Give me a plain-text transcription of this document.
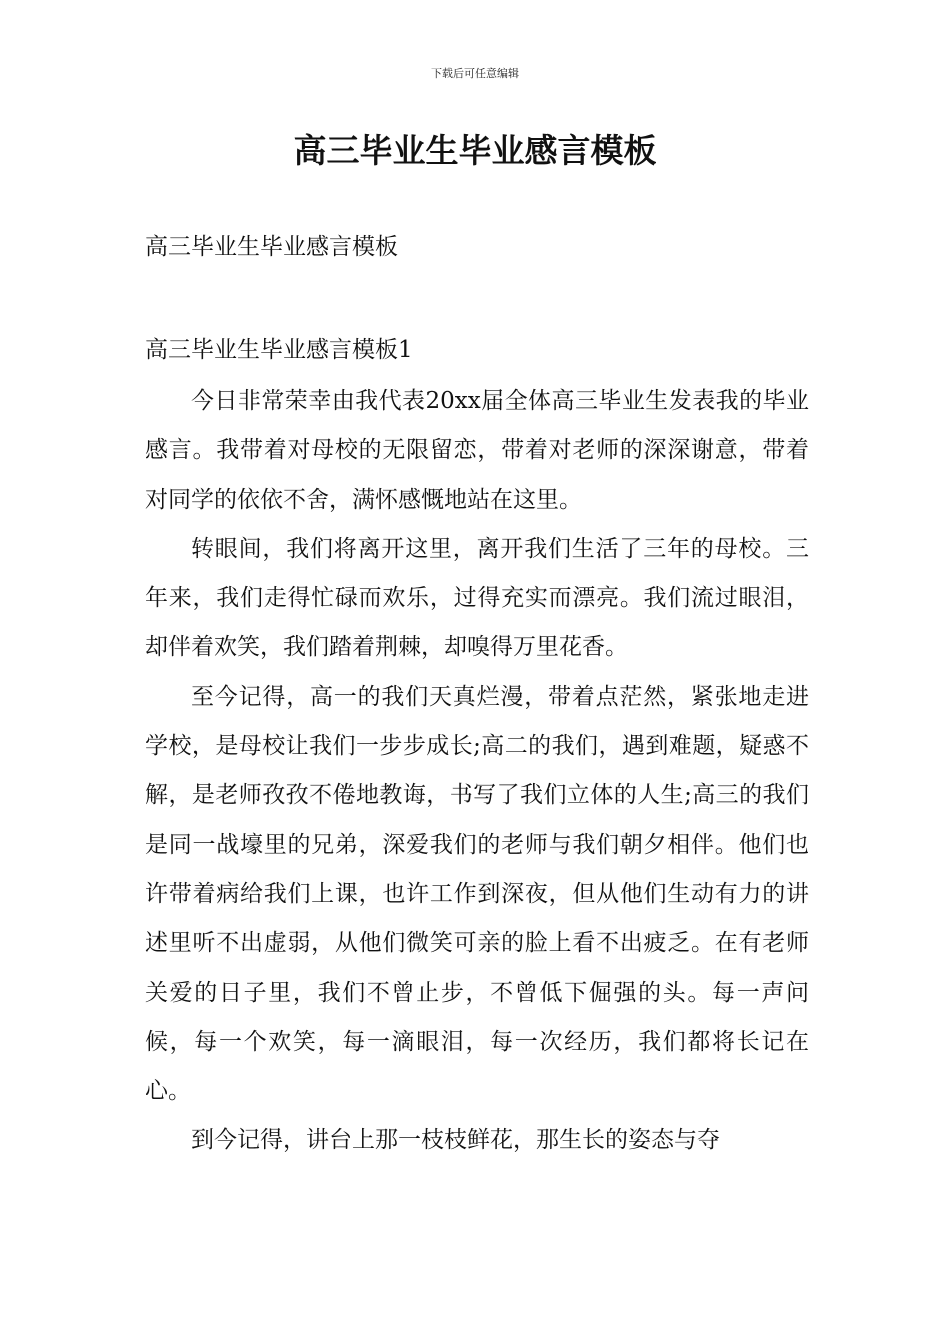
下载后可任意编辑
高三毕业生毕业感言模板

高三毕业生毕业感言模板

高三毕业生毕业感言模板1

今日非常荣幸由我代表20xx届全体高三毕业生发表我的毕业感言。我带着对母校的无限留恋，带着对老师的深深谢意，带着对同学的依依不舍，满怀感慨地站在这里。

转眼间，我们将离开这里，离开我们生活了三年的母校。三年来，我们走得忙碌而欢乐，过得充实而漂亮。我们流过眼泪，却伴着欢笑，我们踏着荆棘，却嗅得万里花香。

至今记得，高一的我们天真烂漫，带着点茫然，紧张地走进学校，是母校让我们一步步成长;高二的我们，遇到难题，疑惑不解，是老师孜孜不倦地教诲，书写了我们立体的人生;高三的我们是同一战壕里的兄弟，深爱我们的老师与我们朝夕相伴。他们也许带着病给我们上课，也许工作到深夜，但从他们生动有力的讲述里听不出虚弱，从他们微笑可亲的脸上看不出疲乏。在有老师关爱的日子里，我们不曾止步，不曾低下倔强的头。每一声问候，每一个欢笑，每一滴眼泪，每一次经历，我们都将长记在心。

到今记得，讲台上那一枝枝鲜花，那生长的姿态与夺
